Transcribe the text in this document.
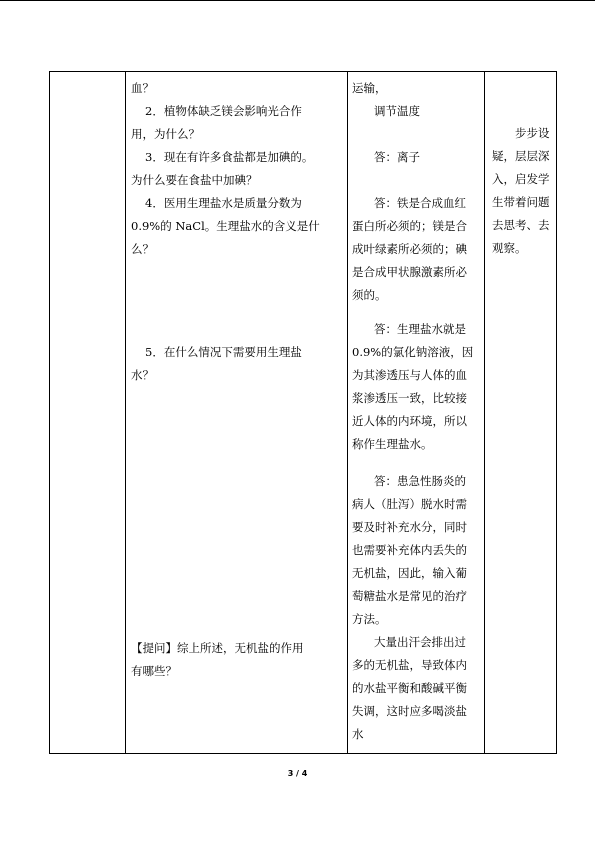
血？
2．植物体缺乏镁会影响光合作
用，为什么？
3．现在有许多食盐都是加碘的。
为什么要在食盐中加碘？
4．医用生理盐水是质量分数为
0.9%的 NaCl。生理盐水的含义是什
么？
5．在什么情况下需要用生理盐
水？
【提问】综上所述，无机盐的作用
有哪些？
运输，
调节温度
答：离子
答：铁是合成血红
蛋白所必须的；镁是合
成叶绿素所必须的；碘
是合成甲状腺激素所必
须的。
答：生理盐水就是
0.9%的氯化钠溶液，因
为其渗透压与人体的血
浆渗透压一致，比较接
近人体的内环境，所以
称作生理盐水。
答：患急性肠炎的
病人（肚泻）脱水时需
要及时补充水分，同时
也需要补充体内丢失的
无机盐，因此，输入葡
萄糖盐水是常见的治疗
方法。
大量出汗会排出过
多的无机盐，导致体内
的水盐平衡和酸碱平衡
失调，这时应多喝淡盐
水
步步设
疑，层层深
入，启发学
生带着问题
去思考、去
观察。
3 / 4
